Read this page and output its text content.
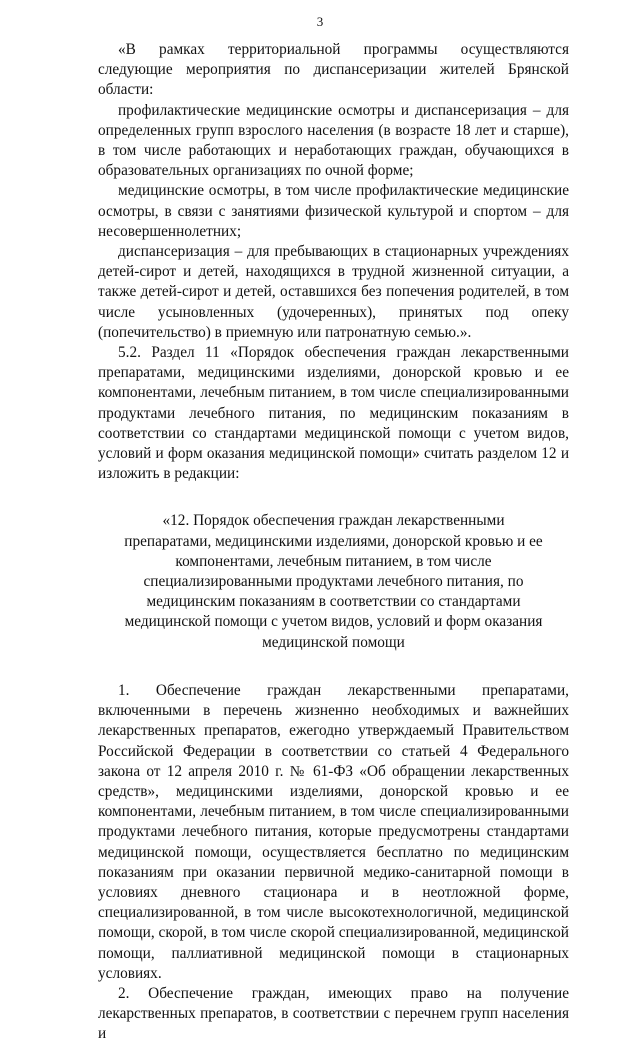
3

«В рамках территориальной программы осуществляются следующие мероприятия по диспансеризации жителей Брянской области:

профилактические медицинские осмотры и диспансеризация – для определенных групп взрослого населения (в возрасте 18 лет и старше), в том числе работающих и неработающих граждан, обучающихся в образовательных организациях по очной форме;

медицинские осмотры, в том числе профилактические медицинские осмотры, в связи с занятиями физической культурой и спортом – для несовершеннолетних;

диспансеризация – для пребывающих в стационарных учреждениях детей-сирот и детей, находящихся в трудной жизненной ситуации, а также детей-сирот и детей, оставшихся без попечения родителей, в том числе усыновленных (удочеренных), принятых под опеку (попечительство) в приемную или патронатную семью.».

5.2. Раздел 11 «Порядок обеспечения граждан лекарственными препаратами, медицинскими изделиями, донорской кровью и ее компонентами, лечебным питанием, в том числе специализированными продуктами лечебного питания, по медицинским показаниям в соответствии со стандартами медицинской помощи с учетом видов, условий и форм оказания медицинской помощи» считать разделом 12 и изложить в редакции:

«12. Порядок обеспечения граждан лекарственными препаратами, медицинскими изделиями, донорской кровью и ее компонентами, лечебным питанием, в том числе специализированными продуктами лечебного питания, по медицинским показаниям в соответствии со стандартами медицинской помощи с учетом видов, условий и форм оказания медицинской помощи

1. Обеспечение граждан лекарственными препаратами, включенными в перечень жизненно необходимых и важнейших лекарственных препаратов, ежегодно утверждаемый Правительством Российской Федерации в соответствии со статьей 4 Федерального закона от 12 апреля 2010 г. № 61-ФЗ «Об обращении лекарственных средств», медицинскими изделиями, донорской кровью и ее компонентами, лечебным питанием, в том числе специализированными продуктами лечебного питания, которые предусмотрены стандартами медицинской помощи, осуществляется бесплатно по медицинским показаниям при оказании первичной медико-санитарной помощи в условиях дневного стационара и в неотложной форме, специализированной, в том числе высокотехнологичной, медицинской помощи, скорой, в том числе скорой специализированной, медицинской помощи, паллиативной медицинской помощи в стационарных условиях.

2. Обеспечение граждан, имеющих право на получение лекарственных препаратов, в соответствии с перечнем групп населения и
